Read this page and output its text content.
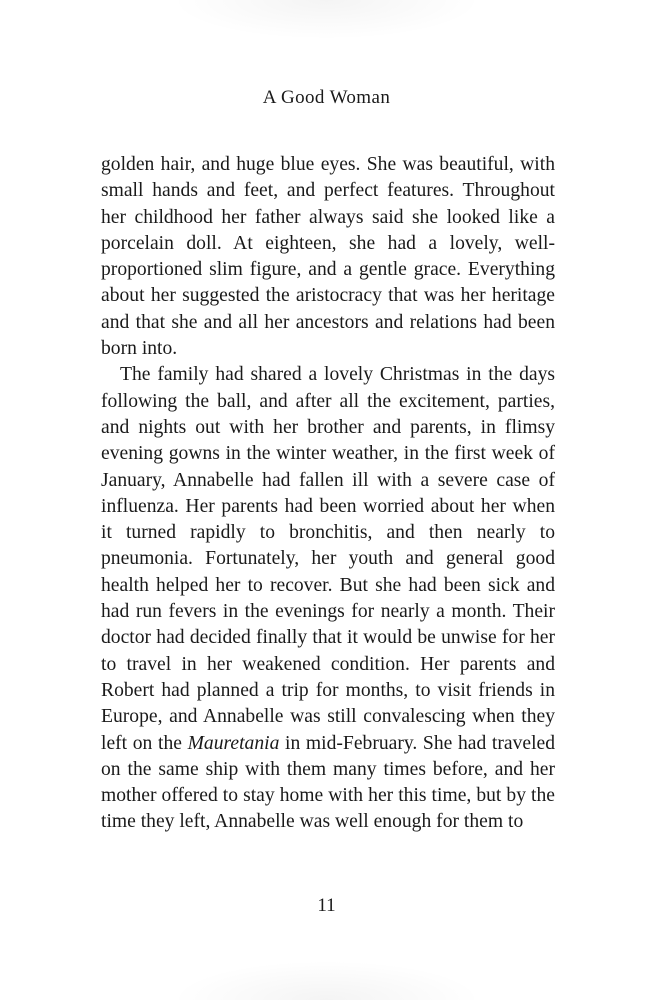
A Good Woman

golden hair, and huge blue eyes. She was beautiful, with small hands and feet, and perfect features. Throughout her childhood her father always said she looked like a porcelain doll. At eighteen, she had a lovely, well-proportioned slim figure, and a gentle grace. Everything about her suggested the aristocracy that was her heritage and that she and all her ancestors and relations had been born into.

The family had shared a lovely Christmas in the days following the ball, and after all the excitement, parties, and nights out with her brother and parents, in flimsy evening gowns in the winter weather, in the first week of January, Annabelle had fallen ill with a severe case of influenza. Her parents had been worried about her when it turned rapidly to bronchitis, and then nearly to pneumonia. Fortunately, her youth and general good health helped her to recover. But she had been sick and had run fevers in the evenings for nearly a month. Their doctor had decided finally that it would be unwise for her to travel in her weakened condition. Her parents and Robert had planned a trip for months, to visit friends in Europe, and Annabelle was still convalescing when they left on the Mauretania in mid-February. She had traveled on the same ship with them many times before, and her mother offered to stay home with her this time, but by the time they left, Annabelle was well enough for them to

11
